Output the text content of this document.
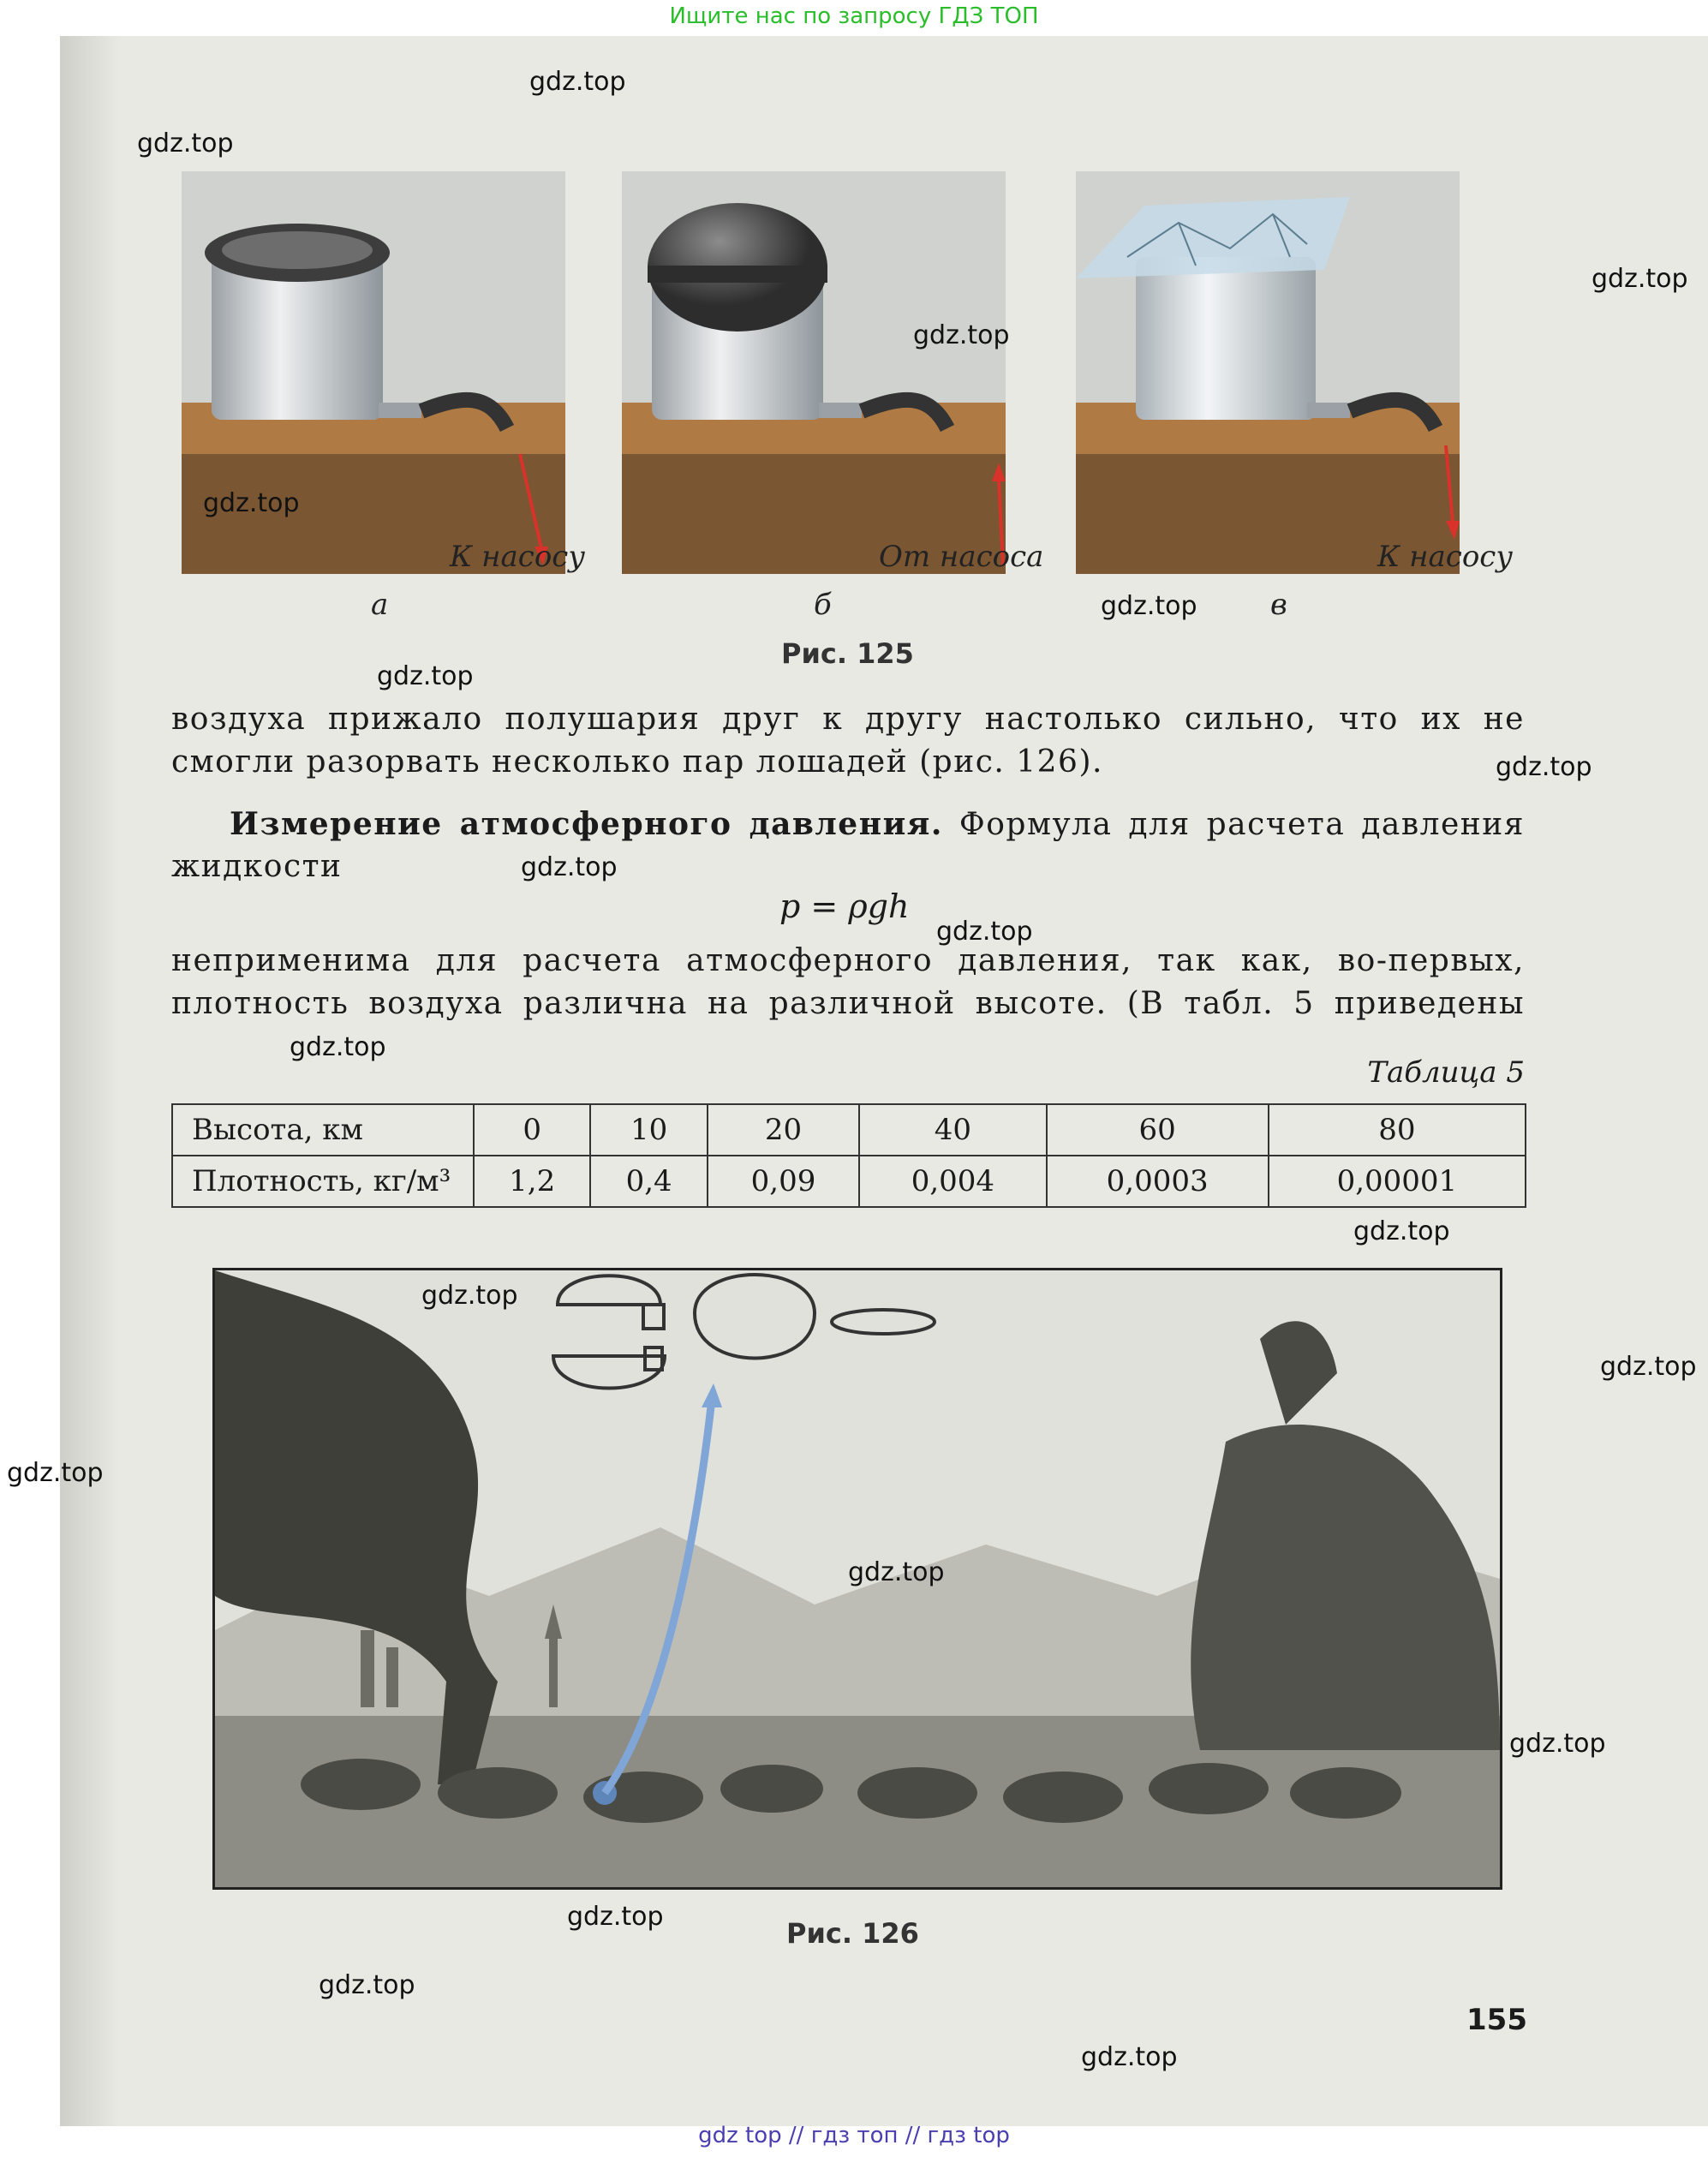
Ищите нас по запросу ГДЗ ТОП
К насосу	От насоса	К насосу
а	б	в
Рис. 125
воздуха прижало полушария друг к другу настолько сильно, что их не
смогли разорвать несколько пар лошадей (рис. 126).
Измерение атмосферного давления. Формула для расчета давления
жидкости
p = ρgh
неприменима для расчета атмосферного давления, так как, во-первых,
плотность воздуха различна на различной высоте. (В табл. 5 приведены
Таблица 5
Высота, км	0	10	20	40	60	80
Плотность, кг/м³	1,2	0,4	0,09	0,004	0,0003	0,00001
Рис. 126
155
gdz.top
gdz.top
gdz.top
gdz.top
gdz.top
gdz.top
gdz.top
gdz.top
gdz.top
gdz.top
gdz.top
gdz.top
gdz.top
gdz.top
gdz.top
gdz.top
gdz.top
gdz.top
gdz.top
gdz.top
gdz top // гдз топ // гдз top
